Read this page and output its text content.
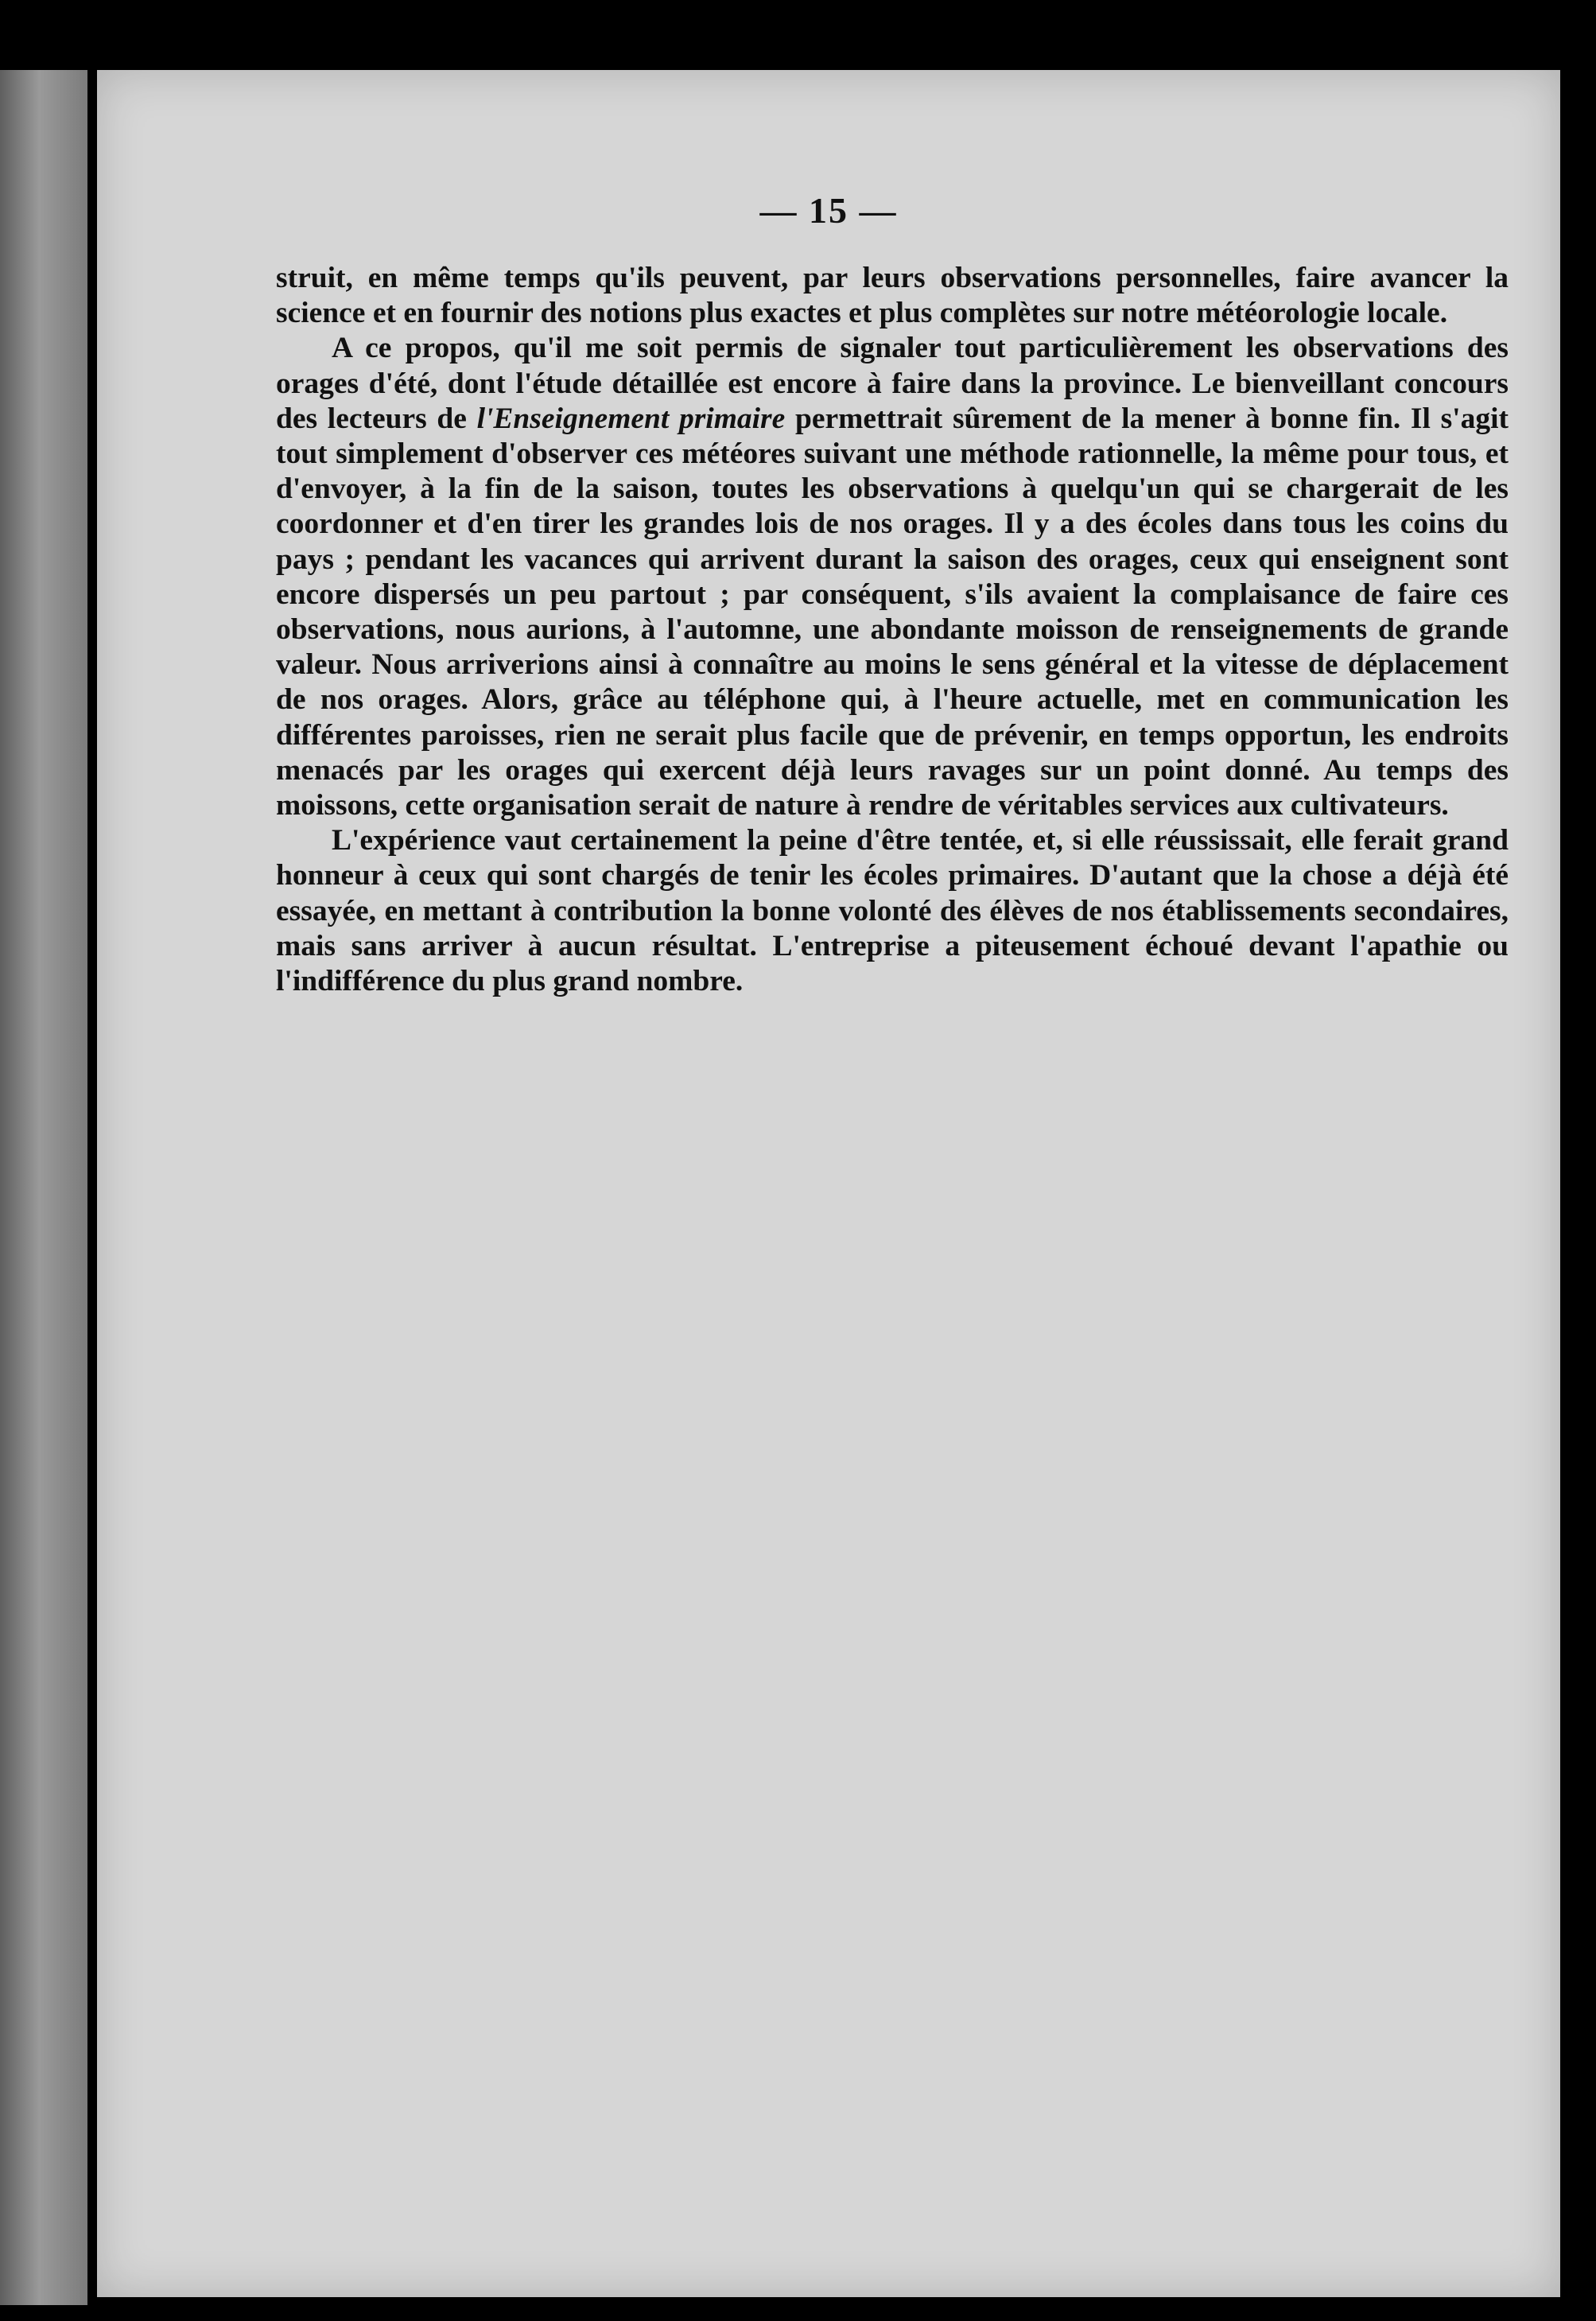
— 15 —

struit, en même temps qu'ils peuvent, par leurs observations personnelles, faire avancer la science et en fournir des notions plus exactes et plus complètes sur notre météorologie locale.

A ce propos, qu'il me soit permis de signaler tout particulièrement les observations des orages d'été, dont l'étude détaillée est encore à faire dans la province. Le bienveillant concours des lecteurs de l'Enseignement primaire permettrait sûrement de la mener à bonne fin. Il s'agit tout simplement d'observer ces météores suivant une méthode rationnelle, la même pour tous, et d'envoyer, à la fin de la saison, toutes les observations à quelqu'un qui se chargerait de les coordonner et d'en tirer les grandes lois de nos orages. Il y a des écoles dans tous les coins du pays ; pendant les vacances qui arrivent durant la saison des orages, ceux qui enseignent sont encore dispersés un peu partout ; par conséquent, s'ils avaient la complaisance de faire ces observations, nous aurions, à l'automne, une abondante moisson de renseignements de grande valeur. Nous arriverions ainsi à connaître au moins le sens général et la vitesse de déplacement de nos orages. Alors, grâce au téléphone qui, à l'heure actuelle, met en communication les différentes paroisses, rien ne serait plus facile que de prévenir, en temps opportun, les endroits menacés par les orages qui exercent déjà leurs ravages sur un point donné. Au temps des moissons, cette organisation serait de nature à rendre de véritables services aux cultivateurs.

L'expérience vaut certainement la peine d'être tentée, et, si elle réussissait, elle ferait grand honneur à ceux qui sont chargés de tenir les écoles primaires. D'autant que la chose a déjà été essayée, en mettant à contribution la bonne volonté des élèves de nos établissements secondaires, mais sans arriver à aucun résultat. L'entreprise a piteusement échoué devant l'apathie ou l'indifférence du plus grand nombre.
